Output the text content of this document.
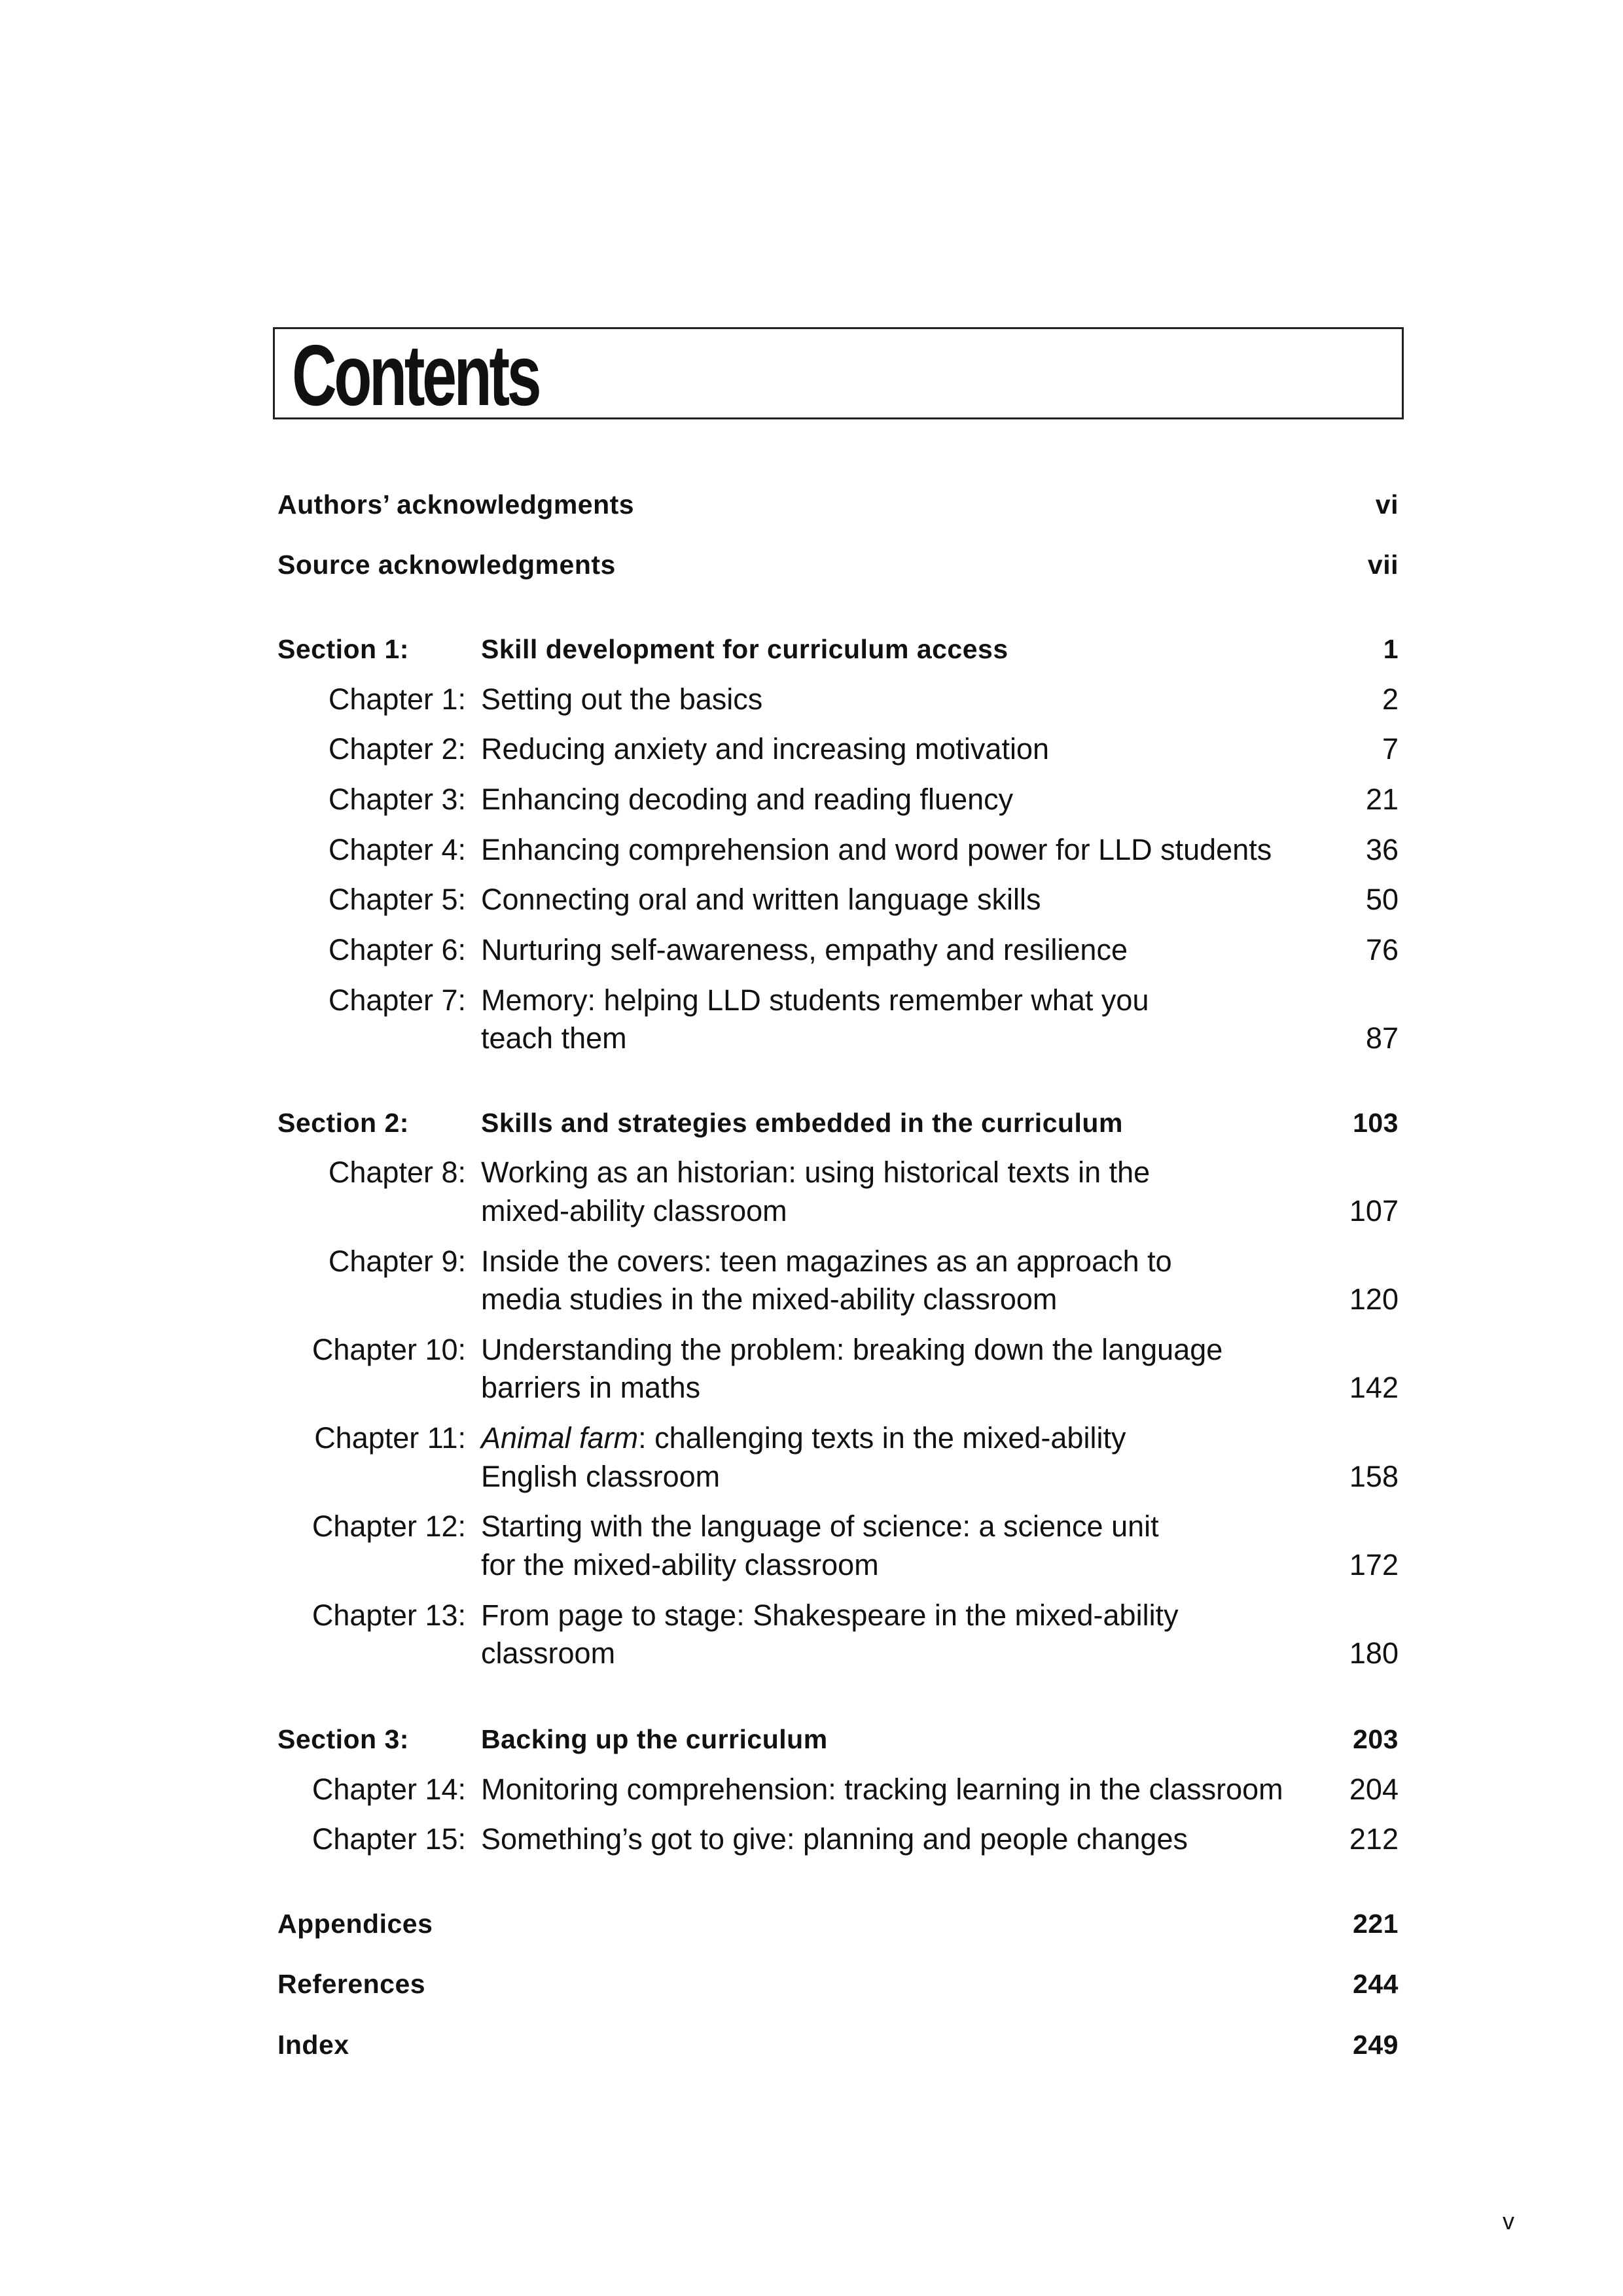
Contents
Authors’ acknowledgments	vi
Source acknowledgments	vii
Section 1:	Skill development for curriculum access	1
Chapter 1: Setting out the basics	2
Chapter 2: Reducing anxiety and increasing motivation	7
Chapter 3: Enhancing decoding and reading fluency	21
Chapter 4: Enhancing comprehension and word power for LLD students	36
Chapter 5: Connecting oral and written language skills	50
Chapter 6: Nurturing self-awareness, empathy and resilience	76
Chapter 7: Memory: helping LLD students remember what you
teach them	87
Section 2:	Skills and strategies embedded in the curriculum	103
Chapter 8: Working as an historian: using historical texts in the
mixed-ability classroom	107
Chapter 9: Inside the covers: teen magazines as an approach to
media studies in the mixed-ability classroom	120
Chapter 10: Understanding the problem: breaking down the language
barriers in maths	142
Chapter 11: Animal farm: challenging texts in the mixed-ability
English classroom	158
Chapter 12: Starting with the language of science: a science unit
for the mixed-ability classroom	172
Chapter 13: From page to stage: Shakespeare in the mixed-ability
classroom	180
Section 3:	Backing up the curriculum	203
Chapter 14: Monitoring comprehension: tracking learning in the classroom 204
Chapter 15: Something’s got to give: planning and people changes	212
Appendices	221
References	244
Index	249
v
